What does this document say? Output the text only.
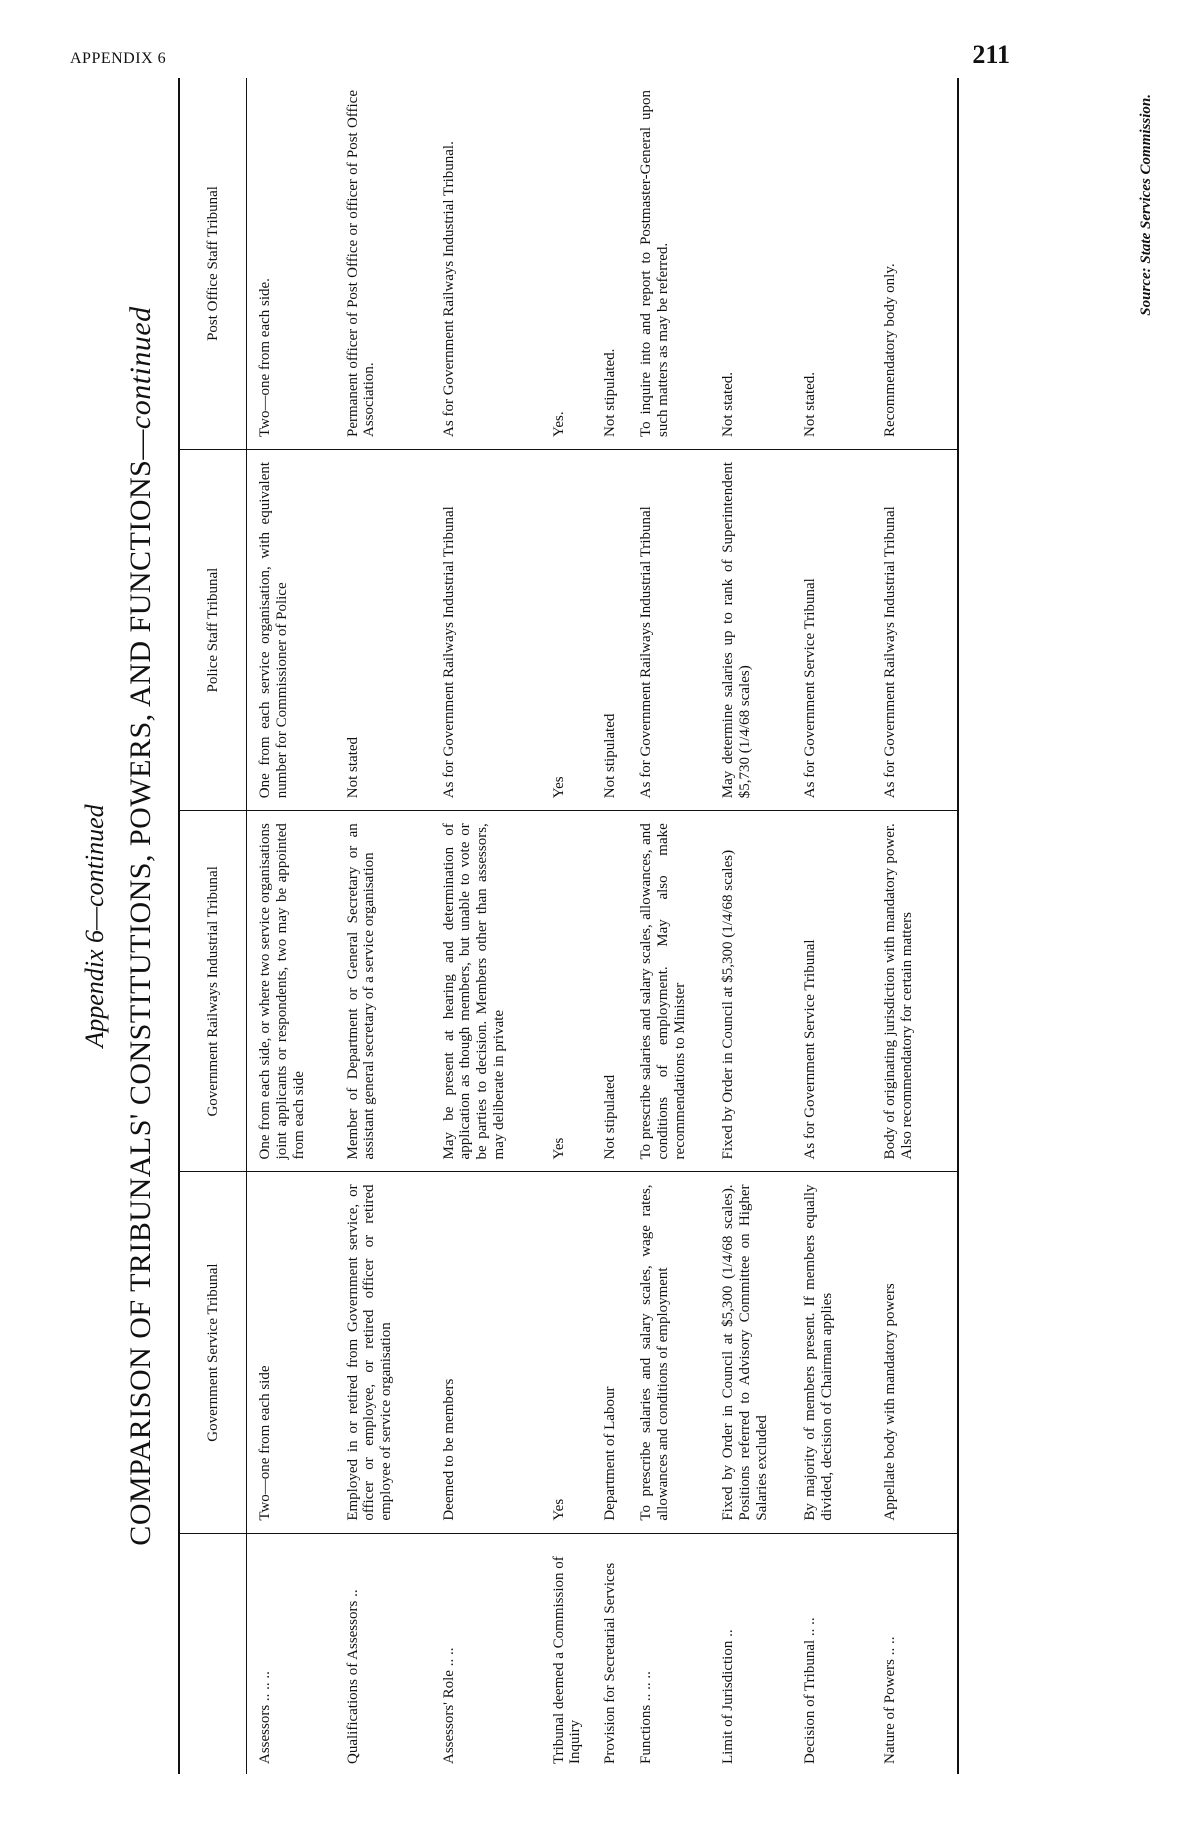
APPENDIX 6	211
Appendix 6—continued COMPARISON OF TRIBUNALS' CONSTITUTIONS, POWERS, AND FUNCTIONS—continued
	Government Service Tribunal	Government Railways Industrial Tribunal	Police Staff Tribunal	Post Office Staff Tribunal
Assessors .. .. ..	Two—one from each side	One from each side, or where two service organisations joint applicants or respondents, two may be appointed from each side	One from each service organisation, with equivalent number for Commissioner of Police	Two—one from each side.
Qualifications of Assessors ..	Employed in or retired from Government service, or officer or employee, or retired officer or retired employee of service organisation	Member of Department or General Secretary or an assistant general secretary of a service organisation	Not stated	Permanent officer of Post Office or officer of Post Office Association.
Assessors' Role .. ..	Deemed to be members	May be present at hearing and determination of application as though members, but unable to vote or be parties to decision. Members other than assessors, may deliberate in private	As for Government Railways Industrial Tribunal	As for Government Railways Industrial Tribunal.
Tribunal deemed a Commission of Inquiry	Yes	Yes	Yes	Yes.
Provision for Secretarial Services	Department of Labour	Not stipulated	Not stipulated	Not stipulated.
Functions .. .. ..	To prescribe salaries and salary scales, wage rates, allowances and conditions of employment	To prescribe salaries and salary scales, allowances, and conditions of employment. May also make recommendations to Minister	As for Government Railways Industrial Tribunal	To inquire into and report to Postmaster-General upon such matters as may be referred.
Limit of Jurisdiction ..	Fixed by Order in Council at $5,300 (1/4/68 scales). Positions referred to Advisory Committee on Higher Salaries excluded	Fixed by Order in Council at $5,300 (1/4/68 scales)	May determine salaries up to rank of Superintendent $5,730 (1/4/68 scales)	Not stated.
Decision of Tribunal .. ..	By majority of members present. If members equally divided, decision of Chairman applies	As for Government Service Tribunal	As for Government Service Tribunal	Not stated.
Nature of Powers .. ..	Appellate body with mandatory powers	Body of originating jurisdiction with mandatory power. Also recommendatory for certain matters	As for Government Railways Industrial Tribunal	Recommendatory body only.
Source: State Services Commission.
